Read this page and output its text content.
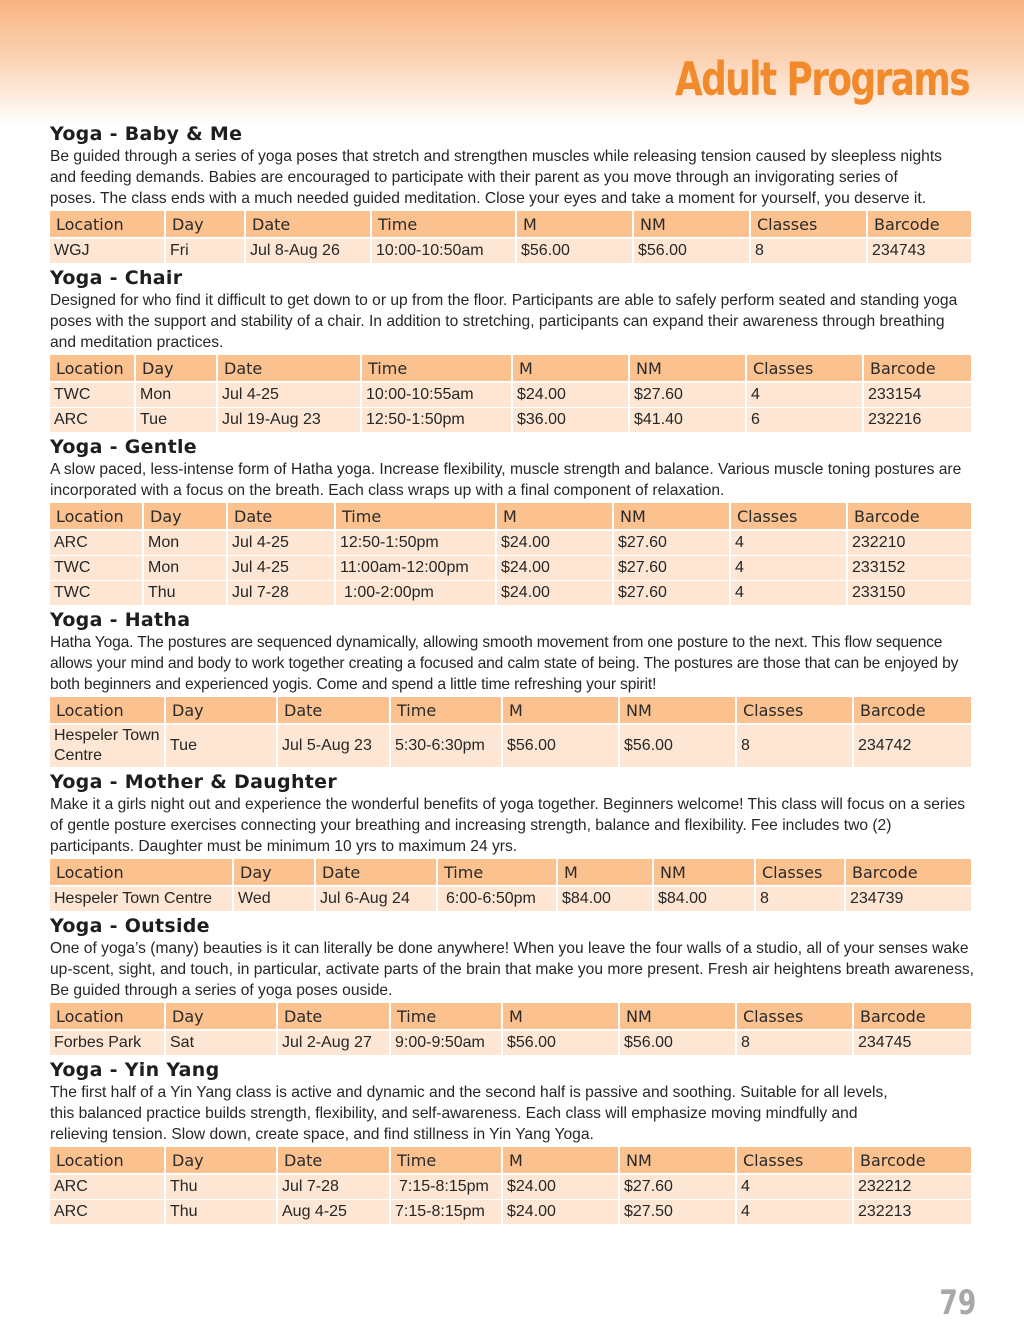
Adult Programs
Yoga - Baby & Me

Be guided through a series of yoga poses that stretch and strengthen muscles while releasing tension caused by sleepless nights and feeding demands. Babies are encouraged to participate with their parent as you move through an invigorating series of poses. The class ends with a much needed guided meditation. Close your eyes and take a moment for yourself, you deserve it.

Location	Day	Date	Time	M	NM	Classes	Barcode
WGJ	Fri	Jul 8-Aug 26	10:00-10:50am	$56.00	$56.00	8	234743
Yoga - Chair

Designed for who find it difficult to get down to or up from the floor. Participants are able to safely perform seated and standing yoga poses with the support and stability of a chair. In addition to stretching, participants can expand their awareness through breathing and meditation practices.

Location	Day	Date	Time	M	NM	Classes	Barcode
TWC	Mon	Jul 4-25	10:00-10:55am	$24.00	$27.60	4	233154
ARC	Tue	Jul 19-Aug 23	12:50-1:50pm	$36.00	$41.40	6	232216
Yoga - Gentle

A slow paced, less-intense form of Hatha yoga. Increase flexibility, muscle strength and balance. Various muscle toning postures are incorporated with a focus on the breath. Each class wraps up with a final component of relaxation.

Location	Day	Date	Time	M	NM	Classes	Barcode
ARC	Mon	Jul 4-25	12:50-1:50pm	$24.00	$27.60	4	232210
TWC	Mon	Jul 4-25	11:00am-12:00pm	$24.00	$27.60	4	233152
TWC	Thu	Jul 7-28	1:00-2:00pm	$24.00	$27.60	4	233150
Yoga - Hatha

Hatha Yoga. The postures are sequenced dynamically, allowing smooth movement from one posture to the next. This flow sequence allows your mind and body to work together creating a focused and calm state of being. The postures are those that can be enjoyed by both beginners and experienced yogis. Come and spend a little time refreshing your spirit!

Location	Day	Date	Time	M	NM	Classes	Barcode
Hespeler Town Centre	Tue	Jul 5-Aug 23	5:30-6:30pm	$56.00	$56.00	8	234742
Yoga - Mother & Daughter

Make it a girls night out and experience the wonderful benefits of yoga together. Beginners welcome! This class will focus on a series of gentle posture exercises connecting your breathing and increasing strength, balance and flexibility. Fee includes two (2) participants. Daughter must be minimum 10 yrs to maximum 24 yrs.

Location	Day	Date	Time	M	NM	Classes	Barcode
Hespeler Town Centre	Wed	Jul 6-Aug 24	6:00-6:50pm	$84.00	$84.00	8	234739
Yoga - Outside

One of yoga’s (many) beauties is it can literally be done anywhere! When you leave the four walls of a studio, all of your senses wake up-scent, sight, and touch, in particular, activate parts of the brain that make you more present. Fresh air heightens breath awareness, Be guided through a series of yoga poses ouside.

Location	Day	Date	Time	M	NM	Classes	Barcode
Forbes Park	Sat	Jul 2-Aug 27	9:00-9:50am	$56.00	$56.00	8	234745
Yoga - Yin Yang

The first half of a Yin Yang class is active and dynamic and the second half is passive and soothing. Suitable for all levels, this balanced practice builds strength, flexibility, and self-awareness. Each class will emphasize moving mindfully and relieving tension. Slow down, create space, and find stillness in Yin Yang Yoga.

Location	Day	Date	Time	M	NM	Classes	Barcode
ARC	Thu	Jul 7-28	7:15-8:15pm	$24.00	$27.60	4	232212
ARC	Thu	Aug 4-25	7:15-8:15pm	$24.00	$27.50	4	232213
79
